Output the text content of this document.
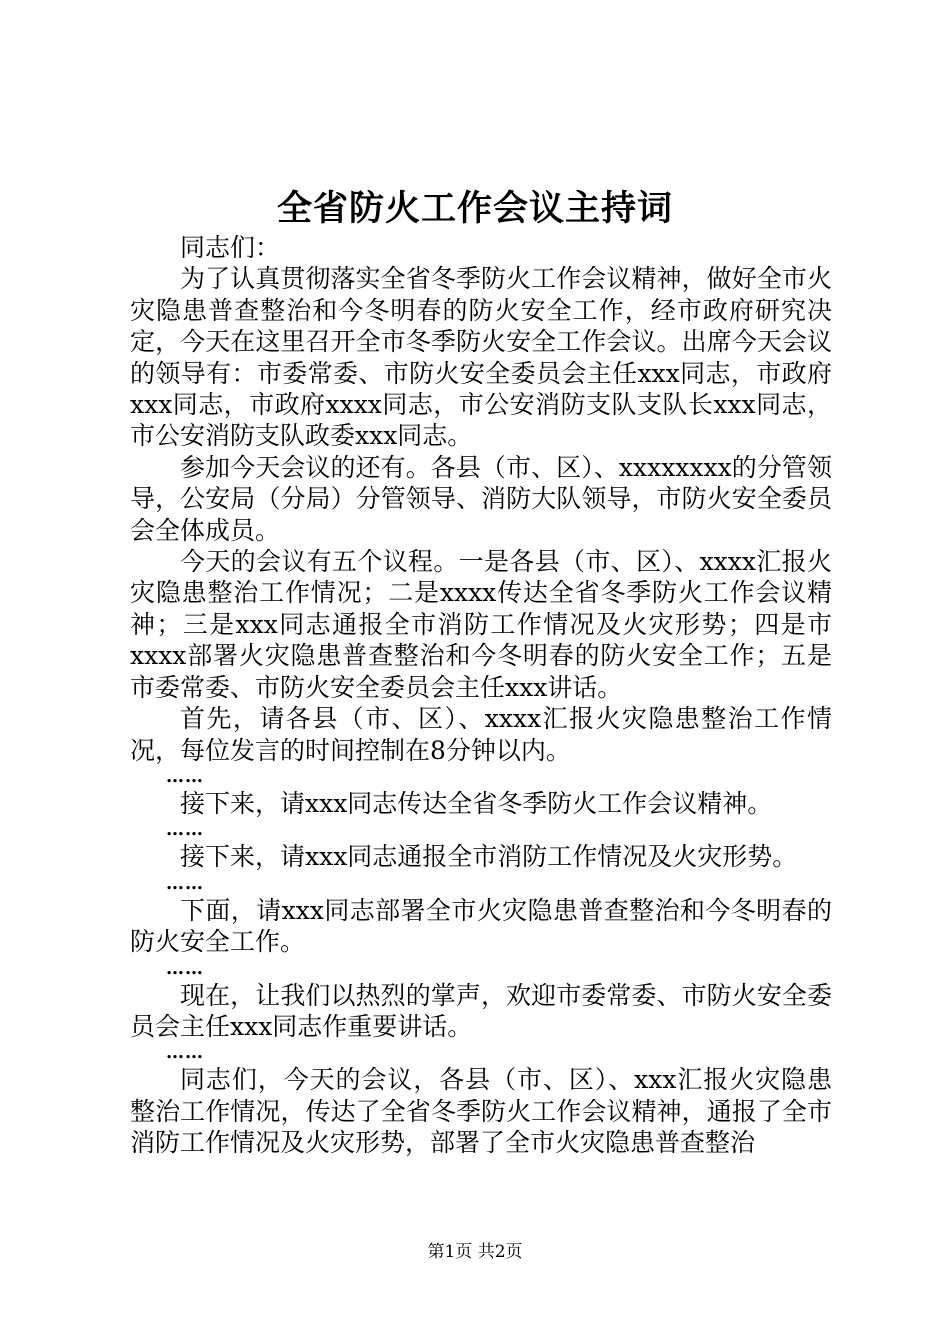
全省防火工作会议主持词

同志们：

为了认真贯彻落实全省冬季防火工作会议精神，做好全市火灾隐患普查整治和今冬明春的防火安全工作，经市政府研究决定，今天在这里召开全市冬季防火安全工作会议。出席今天会议的领导有：市委常委、市防火安全委员会主任xxx同志，市政府xxx同志，市政府xxxx同志，市公安消防支队支队长xxx同志，市公安消防支队政委xxx同志。

参加今天会议的还有。各县（市、区）、xxxxxxxx的分管领导，公安局（分局）分管领导、消防大队领导，市防火安全委员会全体成员。

今天的会议有五个议程。一是各县（市、区）、xxxx汇报火灾隐患整治工作情况；二是xxxx传达全省冬季防火工作会议精神；三是xxx同志通报全市消防工作情况及火灾形势；四是市xxxx部署火灾隐患普查整治和今冬明春的防火安全工作；五是市委常委、市防火安全委员会主任xxx讲话。

首先，请各县（市、区）、xxxx汇报火灾隐患整治工作情况，每位发言的时间控制在8分钟以内。

……

接下来，请xxx同志传达全省冬季防火工作会议精神。

……

接下来，请xxx同志通报全市消防工作情况及火灾形势。

……

下面，请xxx同志部署全市火灾隐患普查整治和今冬明春的防火安全工作。

……

现在，让我们以热烈的掌声，欢迎市委常委、市防火安全委员会主任xxx同志作重要讲话。

……

同志们，今天的会议，各县（市、区）、xxx汇报火灾隐患整治工作情况，传达了全省冬季防火工作会议精神，通报了全市消防工作情况及火灾形势，部署了全市火灾隐患普查整治

第1页 共2页
